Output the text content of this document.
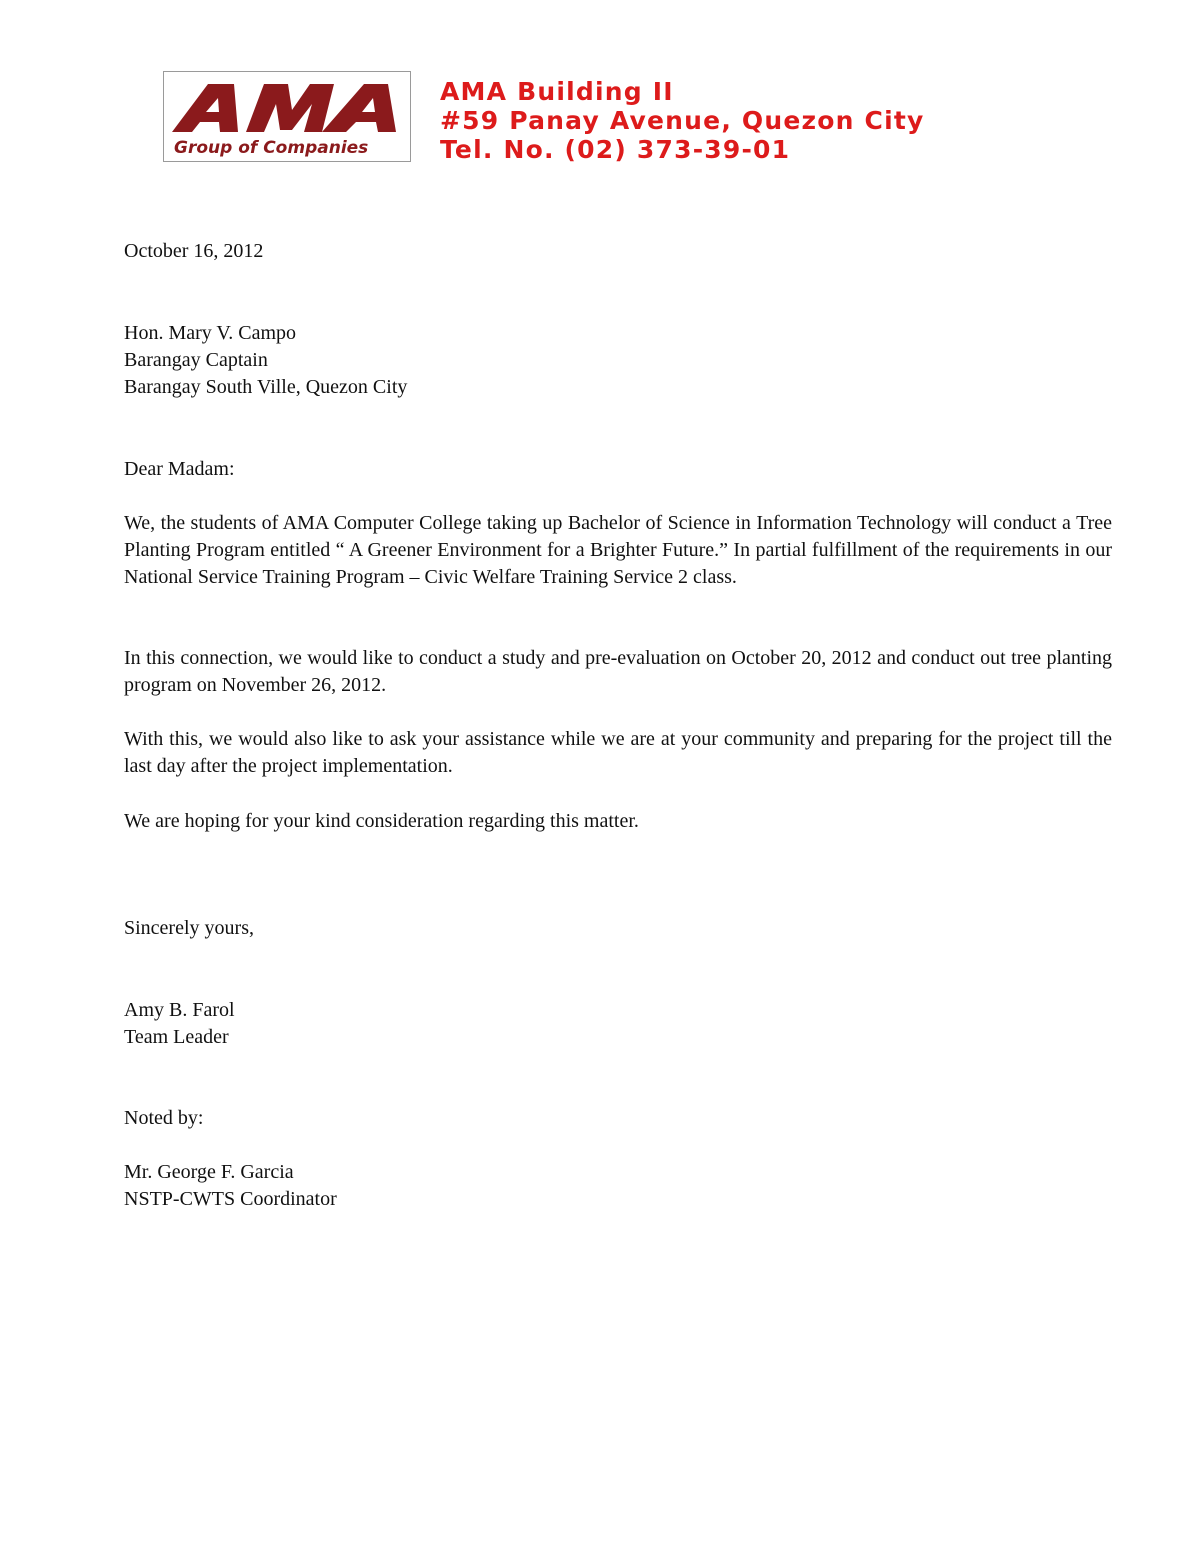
Group of Companies
AMA Building II
#59 Panay Avenue, Quezon City
Tel. No. (02) 373-39-01
October 16, 2012
Hon. Mary V. Campo
Barangay Captain
Barangay South Ville, Quezon City
Dear Madam:

We, the students of AMA Computer College taking up Bachelor of Science in Information Technology will conduct a Tree Planting Program entitled “ A Greener Environment for a Brighter Future.” In partial fulfillment of the requirements in our National Service Training Program – Civic Welfare Training Service 2 class.

In this connection, we would like to conduct a study and pre-evaluation on October 20, 2012 and conduct out tree planting program on November 26, 2012.

With this, we would also like to ask your assistance while we are at your community and preparing for the project till the last day after the project implementation.

We are hoping for your kind consideration regarding this matter.

Sincerely yours,
Amy B. Farol
Team Leader
Noted by:
Mr. George F. Garcia
NSTP-CWTS Coordinator
